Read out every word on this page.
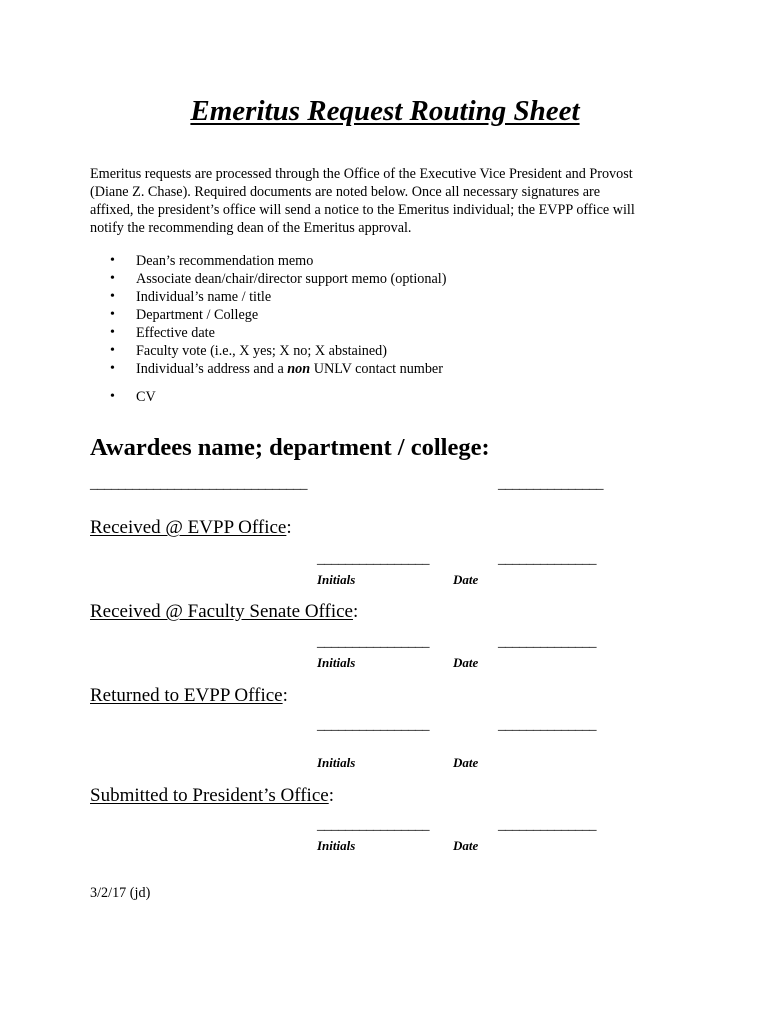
Emeritus Request Routing Sheet

Emeritus requests are processed through the Office of the Executive Vice President and Provost
(Diane Z. Chase). Required documents are noted below. Once all necessary signatures are
affixed, the president’s office will send a notice to the Emeritus individual; the EVPP office will
notify the recommending dean of the Emeritus approval.

• Dean’s recommendation memo
• Associate dean/chair/director support memo (optional)
• Individual’s name / title
• Department / College
• Effective date
• Faculty vote (i.e., X yes; X no; X abstained)
• Individual’s address and a non UNLV contact number
• CV
Awardees name; department / college:
_______________________________	_______________
Received @ EVPP Office:
________________	______________
Initials	Date
Received @ Faculty Senate Office:
________________	______________
Initials	Date
Returned to EVPP Office:
________________	______________
Initials	Date
Submitted to President’s Office:
________________	______________
Initials	Date
3/2/17 (jd)
